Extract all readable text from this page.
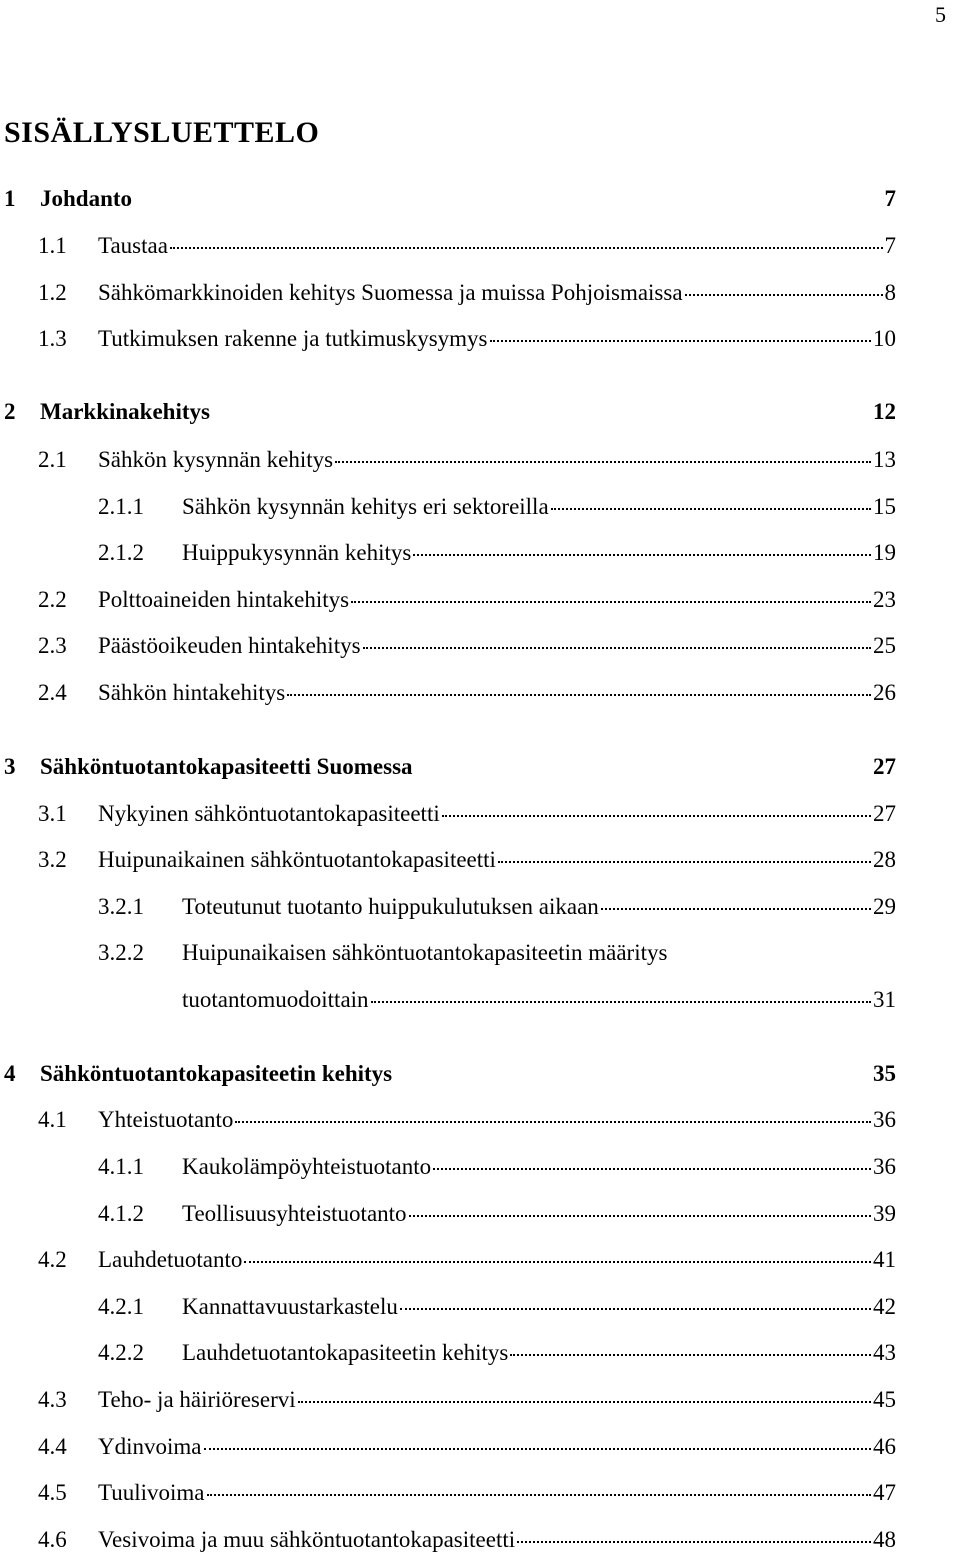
5
SISÄLLYSLUETTELO
1	Johdanto	7
1.1	Taustaa	7
1.2	Sähkömarkkinoiden kehitys Suomessa ja muissa Pohjoismaissa	8
1.3	Tutkimuksen rakenne ja tutkimuskysymys	10
2	Markkinakehitys	12
2.1	Sähkön kysynnän kehitys	13
2.1.1	Sähkön kysynnän kehitys eri sektoreilla	15
2.1.2	Huippukysynnän kehitys	19
2.2	Polttoaineiden hintakehitys	23
2.3	Päästöoikeuden hintakehitys	25
2.4	Sähkön hintakehitys	26
3	Sähköntuotantokapasiteetti Suomessa	27
3.1	Nykyinen sähköntuotantokapasiteetti	27
3.2	Huipunaikainen sähköntuotantokapasiteetti	28
3.2.1	Toteutunut tuotanto huippukulutuksen aikaan	29
3.2.2	Huipunaikaisen sähköntuotantokapasiteetin määritys
tuotantomuodoittain	31
4	Sähköntuotantokapasiteetin kehitys	35
4.1	Yhteistuotanto	36
4.1.1	Kaukolämpöyhteistuotanto	36
4.1.2	Teollisuusyhteistuotanto	39
4.2	Lauhdetuotanto	41
4.2.1	Kannattavuustarkastelu	42
4.2.2	Lauhdetuotantokapasiteetin kehitys	43
4.3	Teho- ja häiriöreservi	45
4.4	Ydinvoima	46
4.5	Tuulivoima	47
4.6	Vesivoima ja muu sähköntuotantokapasiteetti	48
